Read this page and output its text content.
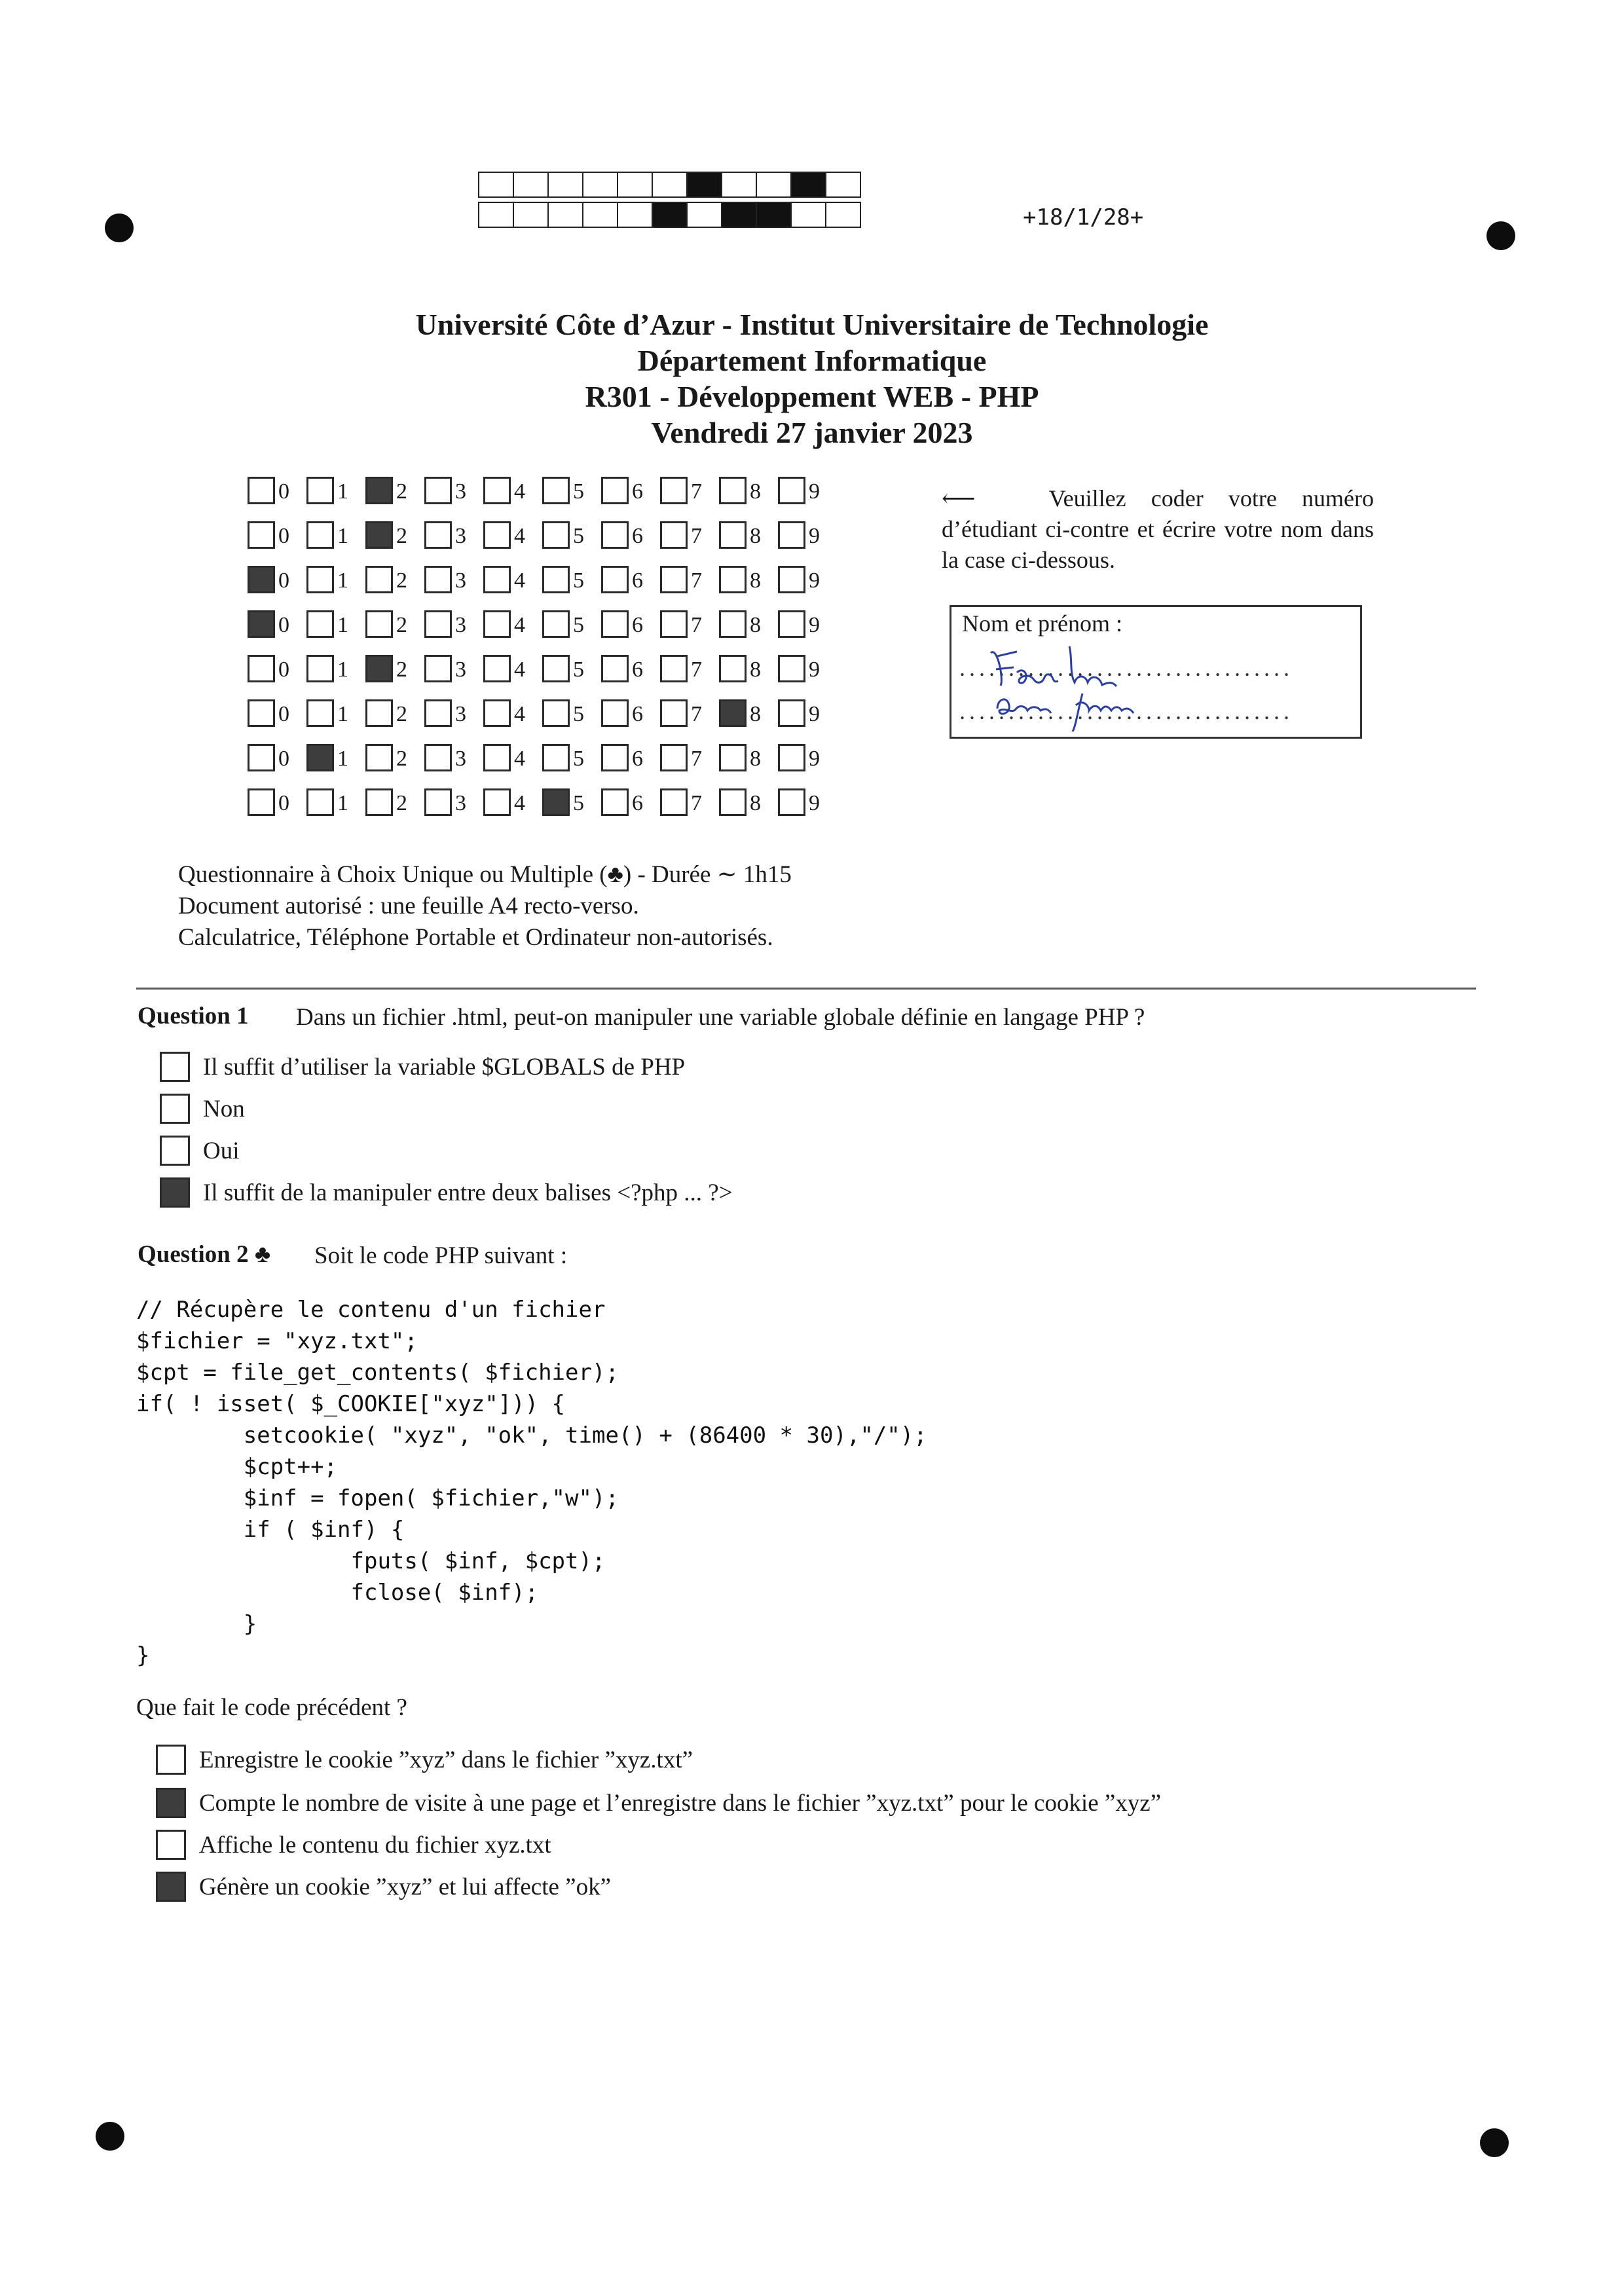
+18/1/28+
Université Côte d’Azur - Institut Universitaire de Technologie
Département Informatique
R301 - Développement WEB - PHP
Vendredi 27 janvier 2023
0 1 2 3 4 5 6 7 8 9
0 1 2 3 4 5 6 7 8 9
0 1 2 3 4 5 6 7 8 9
0 1 2 3 4 5 6 7 8 9
0 1 2 3 4 5 6 7 8 9
0 1 2 3 4 5 6 7 8 9
0 1 2 3 4 5 6 7 8 9
0 1 2 3 4 5 6 7 8 9
⟵	Veuillez coder votre numéro d’étudiant ci-contre et écrire votre nom dans la case ci-dessous.
Nom et prénom :
..................................
..................................
Questionnaire à Choix Unique ou Multiple (♣) - Durée ∼ 1h15
Document autorisé : une feuille A4 recto-verso.
Calculatrice, Téléphone Portable et Ordinateur non-autorisés.
Question 1 Dans un fichier .html, peut-on manipuler une variable globale définie en langage PHP ?
Il suffit d’utiliser la variable $GLOBALS de PHP
Non
Oui
Il suffit de la manipuler entre deux balises <?php ... ?>
Question 2 ♣ Soit le code PHP suivant :
// Récupère le contenu d'un fichier
$fichier = "xyz.txt";
$cpt = file_get_contents( $fichier);
if( ! isset( $_COOKIE["xyz"])) {
setcookie( "xyz", "ok", time() + (86400 * 30),"/");
$cpt++;
$inf = fopen( $fichier,"w");
if ( $inf) {
fputs( $inf, $cpt);
fclose( $inf);
}
}
Que fait le code précédent ?
Enregistre le cookie ”xyz” dans le fichier ”xyz.txt”
Compte le nombre de visite à une page et l’enregistre dans le fichier ”xyz.txt” pour le cookie ”xyz”
Affiche le contenu du fichier xyz.txt
Génère un cookie ”xyz” et lui affecte ”ok”
